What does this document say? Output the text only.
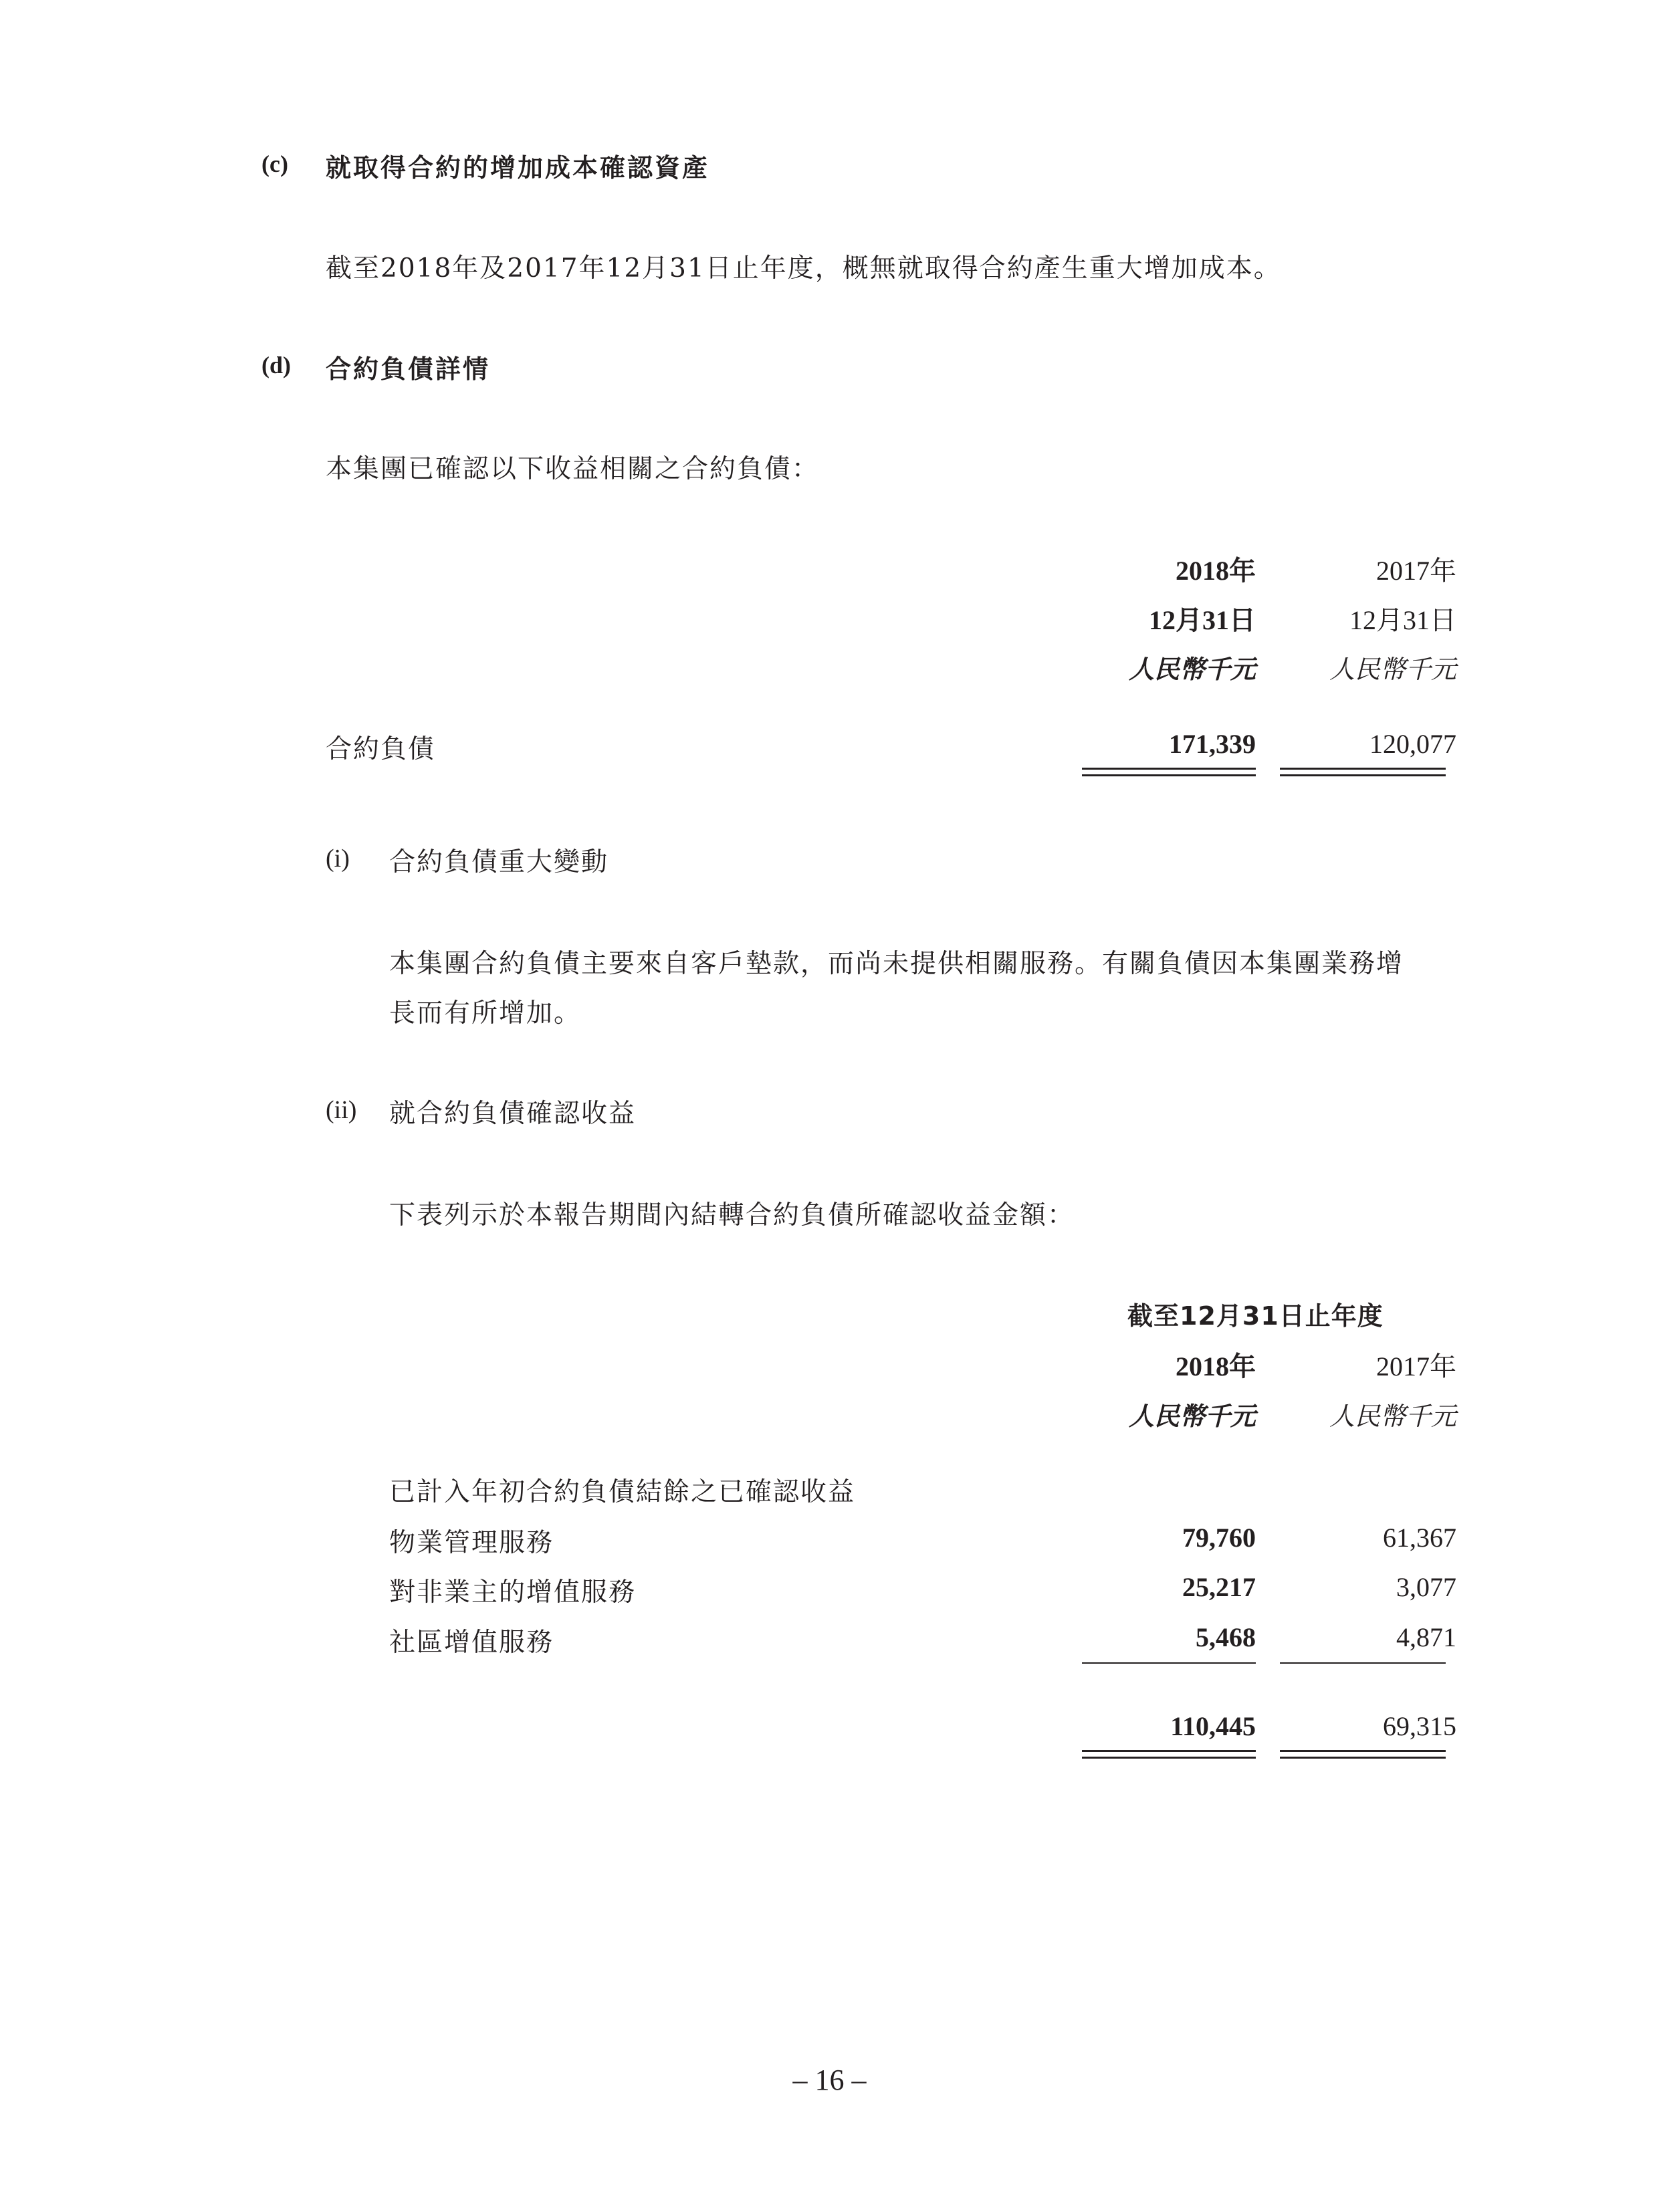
(c) 就取得合約的增加成本確認資產
截至2018年及2017年12月31日止年度，概無就取得合約產生重大增加成本。
(d) 合約負債詳情
本集團已確認以下收益相關之合約負債：
2018年	2017年
12月31日	12月31日
人民幣千元	人民幣千元
合約負債	171,339	120,077
(i) 合約負債重大變動
本集團合約負債主要來自客戶墊款，而尚未提供相關服務。有關負債因本集團業務增
長而有所增加。
(ii) 就合約負債確認收益
下表列示於本報告期間內結轉合約負債所確認收益金額：
截至12月31日止年度
2018年	2017年
人民幣千元	人民幣千元
已計入年初合約負債結餘之已確認收益
物業管理服務	79,760	61,367
對非業主的增值服務	25,217	3,077
社區增值服務	5,468	4,871
110,445	69,315
– 16 –
